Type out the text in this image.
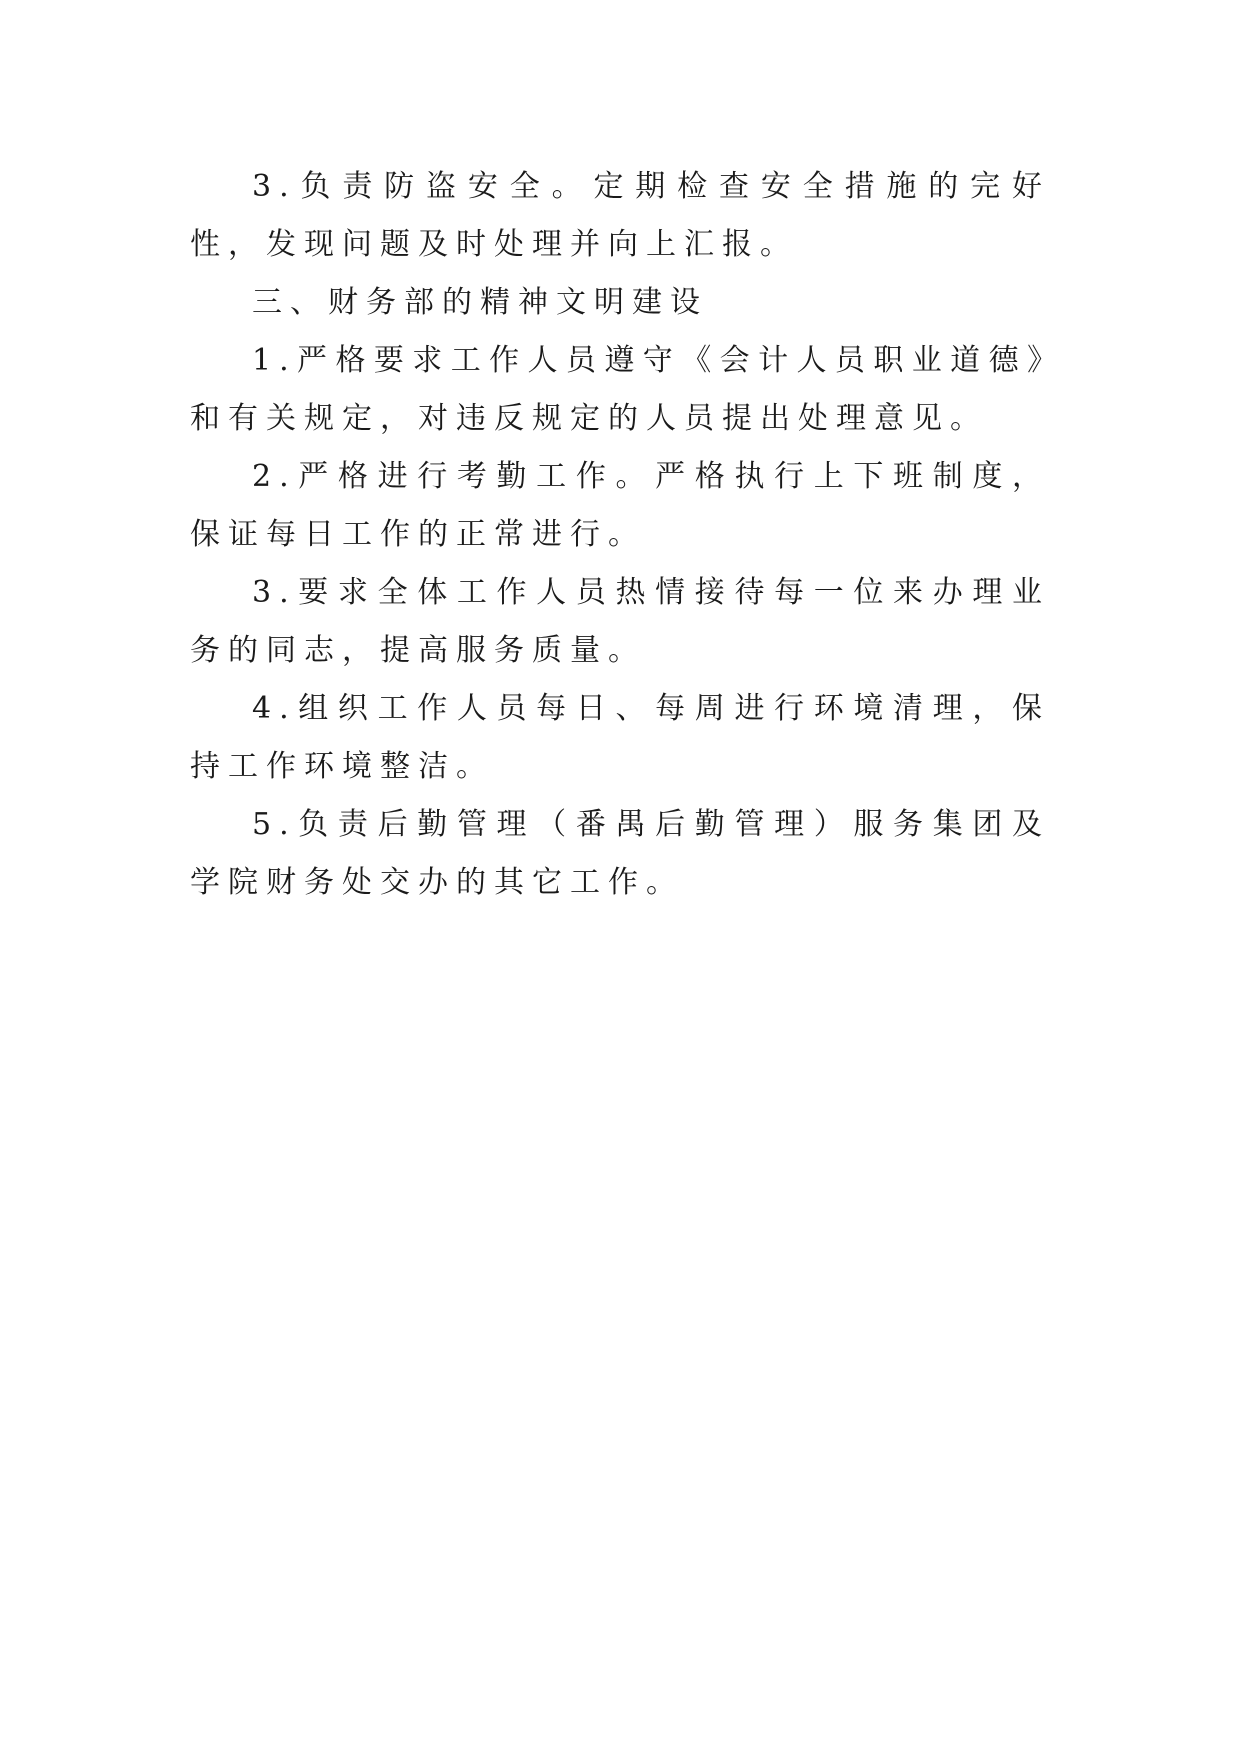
3.负责防盗安全。定期检查安全措施的完好性，发现问题及时处理并向上汇报。

三、财务部的精神文明建设

1.严格要求工作人员遵守《会计人员职业道德》和有关规定，对违反规定的人员提出处理意见。

2.严格进行考勤工作。严格执行上下班制度，保证每日工作的正常进行。

3.要求全体工作人员热情接待每一位来办理业务的同志，提高服务质量。

4.组织工作人员每日、每周进行环境清理，保持工作环境整洁。

5.负责后勤管理（番禺后勤管理）服务集团及学院财务处交办的其它工作。
